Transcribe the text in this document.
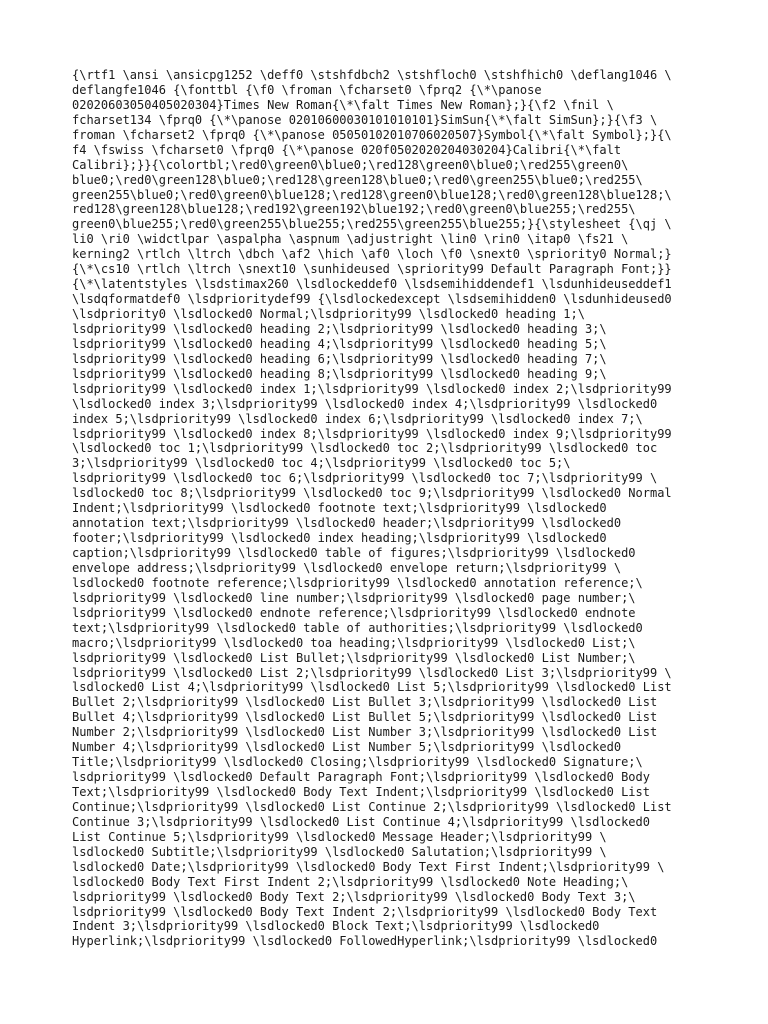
{\rtf1 \ansi \ansicpg1252 \deff0 \stshfdbch2 \stshfloch0 \stshfhich0 \deflang1046 \
deflangfe1046 {\fonttbl {\f0 \froman \fcharset0 \fprq2 {\*\panose
02020603050405020304}Times New Roman{\*\falt Times New Roman};}{\f2 \fnil \
fcharset134 \fprq0 {\*\panose 02010600030101010101}SimSun{\*\falt SimSun};}{\f3 \
froman \fcharset2 \fprq0 {\*\panose 05050102010706020507}Symbol{\*\falt Symbol};}{\
f4 \fswiss \fcharset0 \fprq0 {\*\panose 020f0502020204030204}Calibri{\*\falt
Calibri};}}{\colortbl;\red0\green0\blue0;\red128\green0\blue0;\red255\green0\
blue0;\red0\green128\blue0;\red128\green128\blue0;\red0\green255\blue0;\red255\
green255\blue0;\red0\green0\blue128;\red128\green0\blue128;\red0\green128\blue128;\
red128\green128\blue128;\red192\green192\blue192;\red0\green0\blue255;\red255\
green0\blue255;\red0\green255\blue255;\red255\green255\blue255;}{\stylesheet {\qj \
li0 \ri0 \widctlpar \aspalpha \aspnum \adjustright \lin0 \rin0 \itap0 \fs21 \
kerning2 \rtlch \ltrch \dbch \af2 \hich \af0 \loch \f0 \snext0 \spriority0 Normal;}
{\*\cs10 \rtlch \ltrch \snext10 \sunhideused \spriority99 Default Paragraph Font;}}
{\*\latentstyles \lsdstimax260 \lsdlockeddef0 \lsdsemihiddendef1 \lsdunhideuseddef1
\lsdqformatdef0 \lsdprioritydef99 {\lsdlockedexcept \lsdsemihidden0 \lsdunhideused0
\lsdpriority0 \lsdlocked0 Normal;\lsdpriority99 \lsdlocked0 heading 1;\
lsdpriority99 \lsdlocked0 heading 2;\lsdpriority99 \lsdlocked0 heading 3;\
lsdpriority99 \lsdlocked0 heading 4;\lsdpriority99 \lsdlocked0 heading 5;\
lsdpriority99 \lsdlocked0 heading 6;\lsdpriority99 \lsdlocked0 heading 7;\
lsdpriority99 \lsdlocked0 heading 8;\lsdpriority99 \lsdlocked0 heading 9;\
lsdpriority99 \lsdlocked0 index 1;\lsdpriority99 \lsdlocked0 index 2;\lsdpriority99
\lsdlocked0 index 3;\lsdpriority99 \lsdlocked0 index 4;\lsdpriority99 \lsdlocked0
index 5;\lsdpriority99 \lsdlocked0 index 6;\lsdpriority99 \lsdlocked0 index 7;\
lsdpriority99 \lsdlocked0 index 8;\lsdpriority99 \lsdlocked0 index 9;\lsdpriority99
\lsdlocked0 toc 1;\lsdpriority99 \lsdlocked0 toc 2;\lsdpriority99 \lsdlocked0 toc
3;\lsdpriority99 \lsdlocked0 toc 4;\lsdpriority99 \lsdlocked0 toc 5;\
lsdpriority99 \lsdlocked0 toc 6;\lsdpriority99 \lsdlocked0 toc 7;\lsdpriority99 \
lsdlocked0 toc 8;\lsdpriority99 \lsdlocked0 toc 9;\lsdpriority99 \lsdlocked0 Normal
Indent;\lsdpriority99 \lsdlocked0 footnote text;\lsdpriority99 \lsdlocked0
annotation text;\lsdpriority99 \lsdlocked0 header;\lsdpriority99 \lsdlocked0
footer;\lsdpriority99 \lsdlocked0 index heading;\lsdpriority99 \lsdlocked0
caption;\lsdpriority99 \lsdlocked0 table of figures;\lsdpriority99 \lsdlocked0
envelope address;\lsdpriority99 \lsdlocked0 envelope return;\lsdpriority99 \
lsdlocked0 footnote reference;\lsdpriority99 \lsdlocked0 annotation reference;\
lsdpriority99 \lsdlocked0 line number;\lsdpriority99 \lsdlocked0 page number;\
lsdpriority99 \lsdlocked0 endnote reference;\lsdpriority99 \lsdlocked0 endnote
text;\lsdpriority99 \lsdlocked0 table of authorities;\lsdpriority99 \lsdlocked0
macro;\lsdpriority99 \lsdlocked0 toa heading;\lsdpriority99 \lsdlocked0 List;\
lsdpriority99 \lsdlocked0 List Bullet;\lsdpriority99 \lsdlocked0 List Number;\
lsdpriority99 \lsdlocked0 List 2;\lsdpriority99 \lsdlocked0 List 3;\lsdpriority99 \
lsdlocked0 List 4;\lsdpriority99 \lsdlocked0 List 5;\lsdpriority99 \lsdlocked0 List
Bullet 2;\lsdpriority99 \lsdlocked0 List Bullet 3;\lsdpriority99 \lsdlocked0 List
Bullet 4;\lsdpriority99 \lsdlocked0 List Bullet 5;\lsdpriority99 \lsdlocked0 List
Number 2;\lsdpriority99 \lsdlocked0 List Number 3;\lsdpriority99 \lsdlocked0 List
Number 4;\lsdpriority99 \lsdlocked0 List Number 5;\lsdpriority99 \lsdlocked0
Title;\lsdpriority99 \lsdlocked0 Closing;\lsdpriority99 \lsdlocked0 Signature;\
lsdpriority99 \lsdlocked0 Default Paragraph Font;\lsdpriority99 \lsdlocked0 Body
Text;\lsdpriority99 \lsdlocked0 Body Text Indent;\lsdpriority99 \lsdlocked0 List
Continue;\lsdpriority99 \lsdlocked0 List Continue 2;\lsdpriority99 \lsdlocked0 List
Continue 3;\lsdpriority99 \lsdlocked0 List Continue 4;\lsdpriority99 \lsdlocked0
List Continue 5;\lsdpriority99 \lsdlocked0 Message Header;\lsdpriority99 \
lsdlocked0 Subtitle;\lsdpriority99 \lsdlocked0 Salutation;\lsdpriority99 \
lsdlocked0 Date;\lsdpriority99 \lsdlocked0 Body Text First Indent;\lsdpriority99 \
lsdlocked0 Body Text First Indent 2;\lsdpriority99 \lsdlocked0 Note Heading;\
lsdpriority99 \lsdlocked0 Body Text 2;\lsdpriority99 \lsdlocked0 Body Text 3;\
lsdpriority99 \lsdlocked0 Body Text Indent 2;\lsdpriority99 \lsdlocked0 Body Text
Indent 3;\lsdpriority99 \lsdlocked0 Block Text;\lsdpriority99 \lsdlocked0
Hyperlink;\lsdpriority99 \lsdlocked0 FollowedHyperlink;\lsdpriority99 \lsdlocked0
